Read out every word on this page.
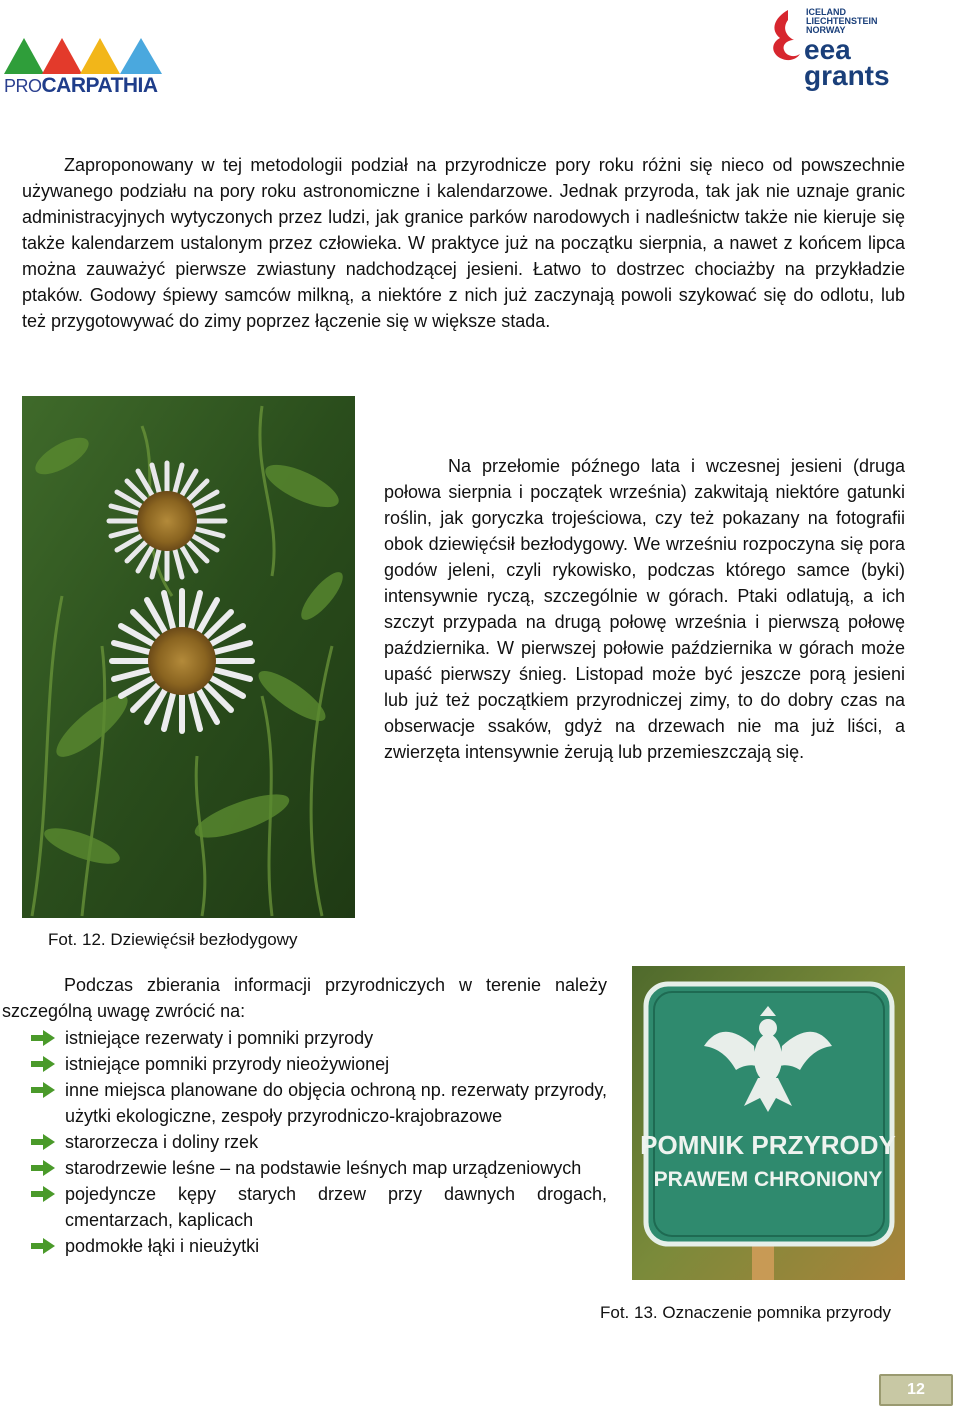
PROCARPATHIA
ICELAND
LIECHTENSTEIN
NORWAY
eea
grants
Zaproponowany w tej metodologii podział na przyrodnicze pory roku różni się nieco od powszechnie używanego podziału na pory roku astronomiczne i kalendarzowe. Jednak przyroda, tak jak nie uznaje granic administracyjnych wytyczonych przez ludzi, jak granice parków narodowych i nadleśnictw także nie kieruje się także kalendarzem ustalonym przez człowieka. W praktyce już na początku sierpnia, a nawet z końcem lipca można zauważyć pierwsze zwiastuny nadchodzącej jesieni. Łatwo to dostrzec chociażby na przykładzie ptaków. Godowy śpiewy samców milkną, a niektóre z nich już zaczynają powoli szykować się do odlotu, lub też przygotowywać do zimy poprzez łączenie się w większe stada.
Fot. 12. Dziewięćsił bezłodygowy
Na przełomie późnego lata i wczesnej jesieni (druga połowa sierpnia i początek września) zakwitają niektóre gatunki roślin, jak goryczka trojeściowa, czy też pokazany na fotografii obok dziewięćsił bezłodygowy. We wrześniu rozpoczyna się pora godów jeleni, czyli rykowisko, podczas którego samce (byki) intensywnie ryczą, szczególnie w górach. Ptaki odlatują, a ich szczyt przypada na drugą połowę września i pierwszą połowę października. W pierwszej połowie października w górach może upaść pierwszy śnieg. Listopad może być jeszcze porą jesieni lub już też początkiem przyrodniczej zimy, to do dobry czas na obserwacje ssaków, gdyż na drzewach nie ma już liści, a zwierzęta intensywnie żerują lub przemieszczają się.
Podczas zbierania informacji przyrodniczych w terenie należy szczególną uwagę zwrócić na:
istniejące rezerwaty i pomniki przyrody
istniejące pomniki przyrody nieożywionej
inne miejsca planowane do objęcia ochroną np. rezerwaty przyrody, użytki ekologiczne, zespoły przyrodniczo-krajobrazowe
starorzecza i doliny rzek
starodrzewie leśne – na podstawie leśnych map urządzeniowych
pojedyncze kępy starych drzew przy dawnych drogach, cmentarzach, kaplicach
podmokłe łąki i nieużytki
POMNIK PRZYRODY
PRAWEM CHRONIONY
Fot. 13. Oznaczenie pomnika przyrody
12
